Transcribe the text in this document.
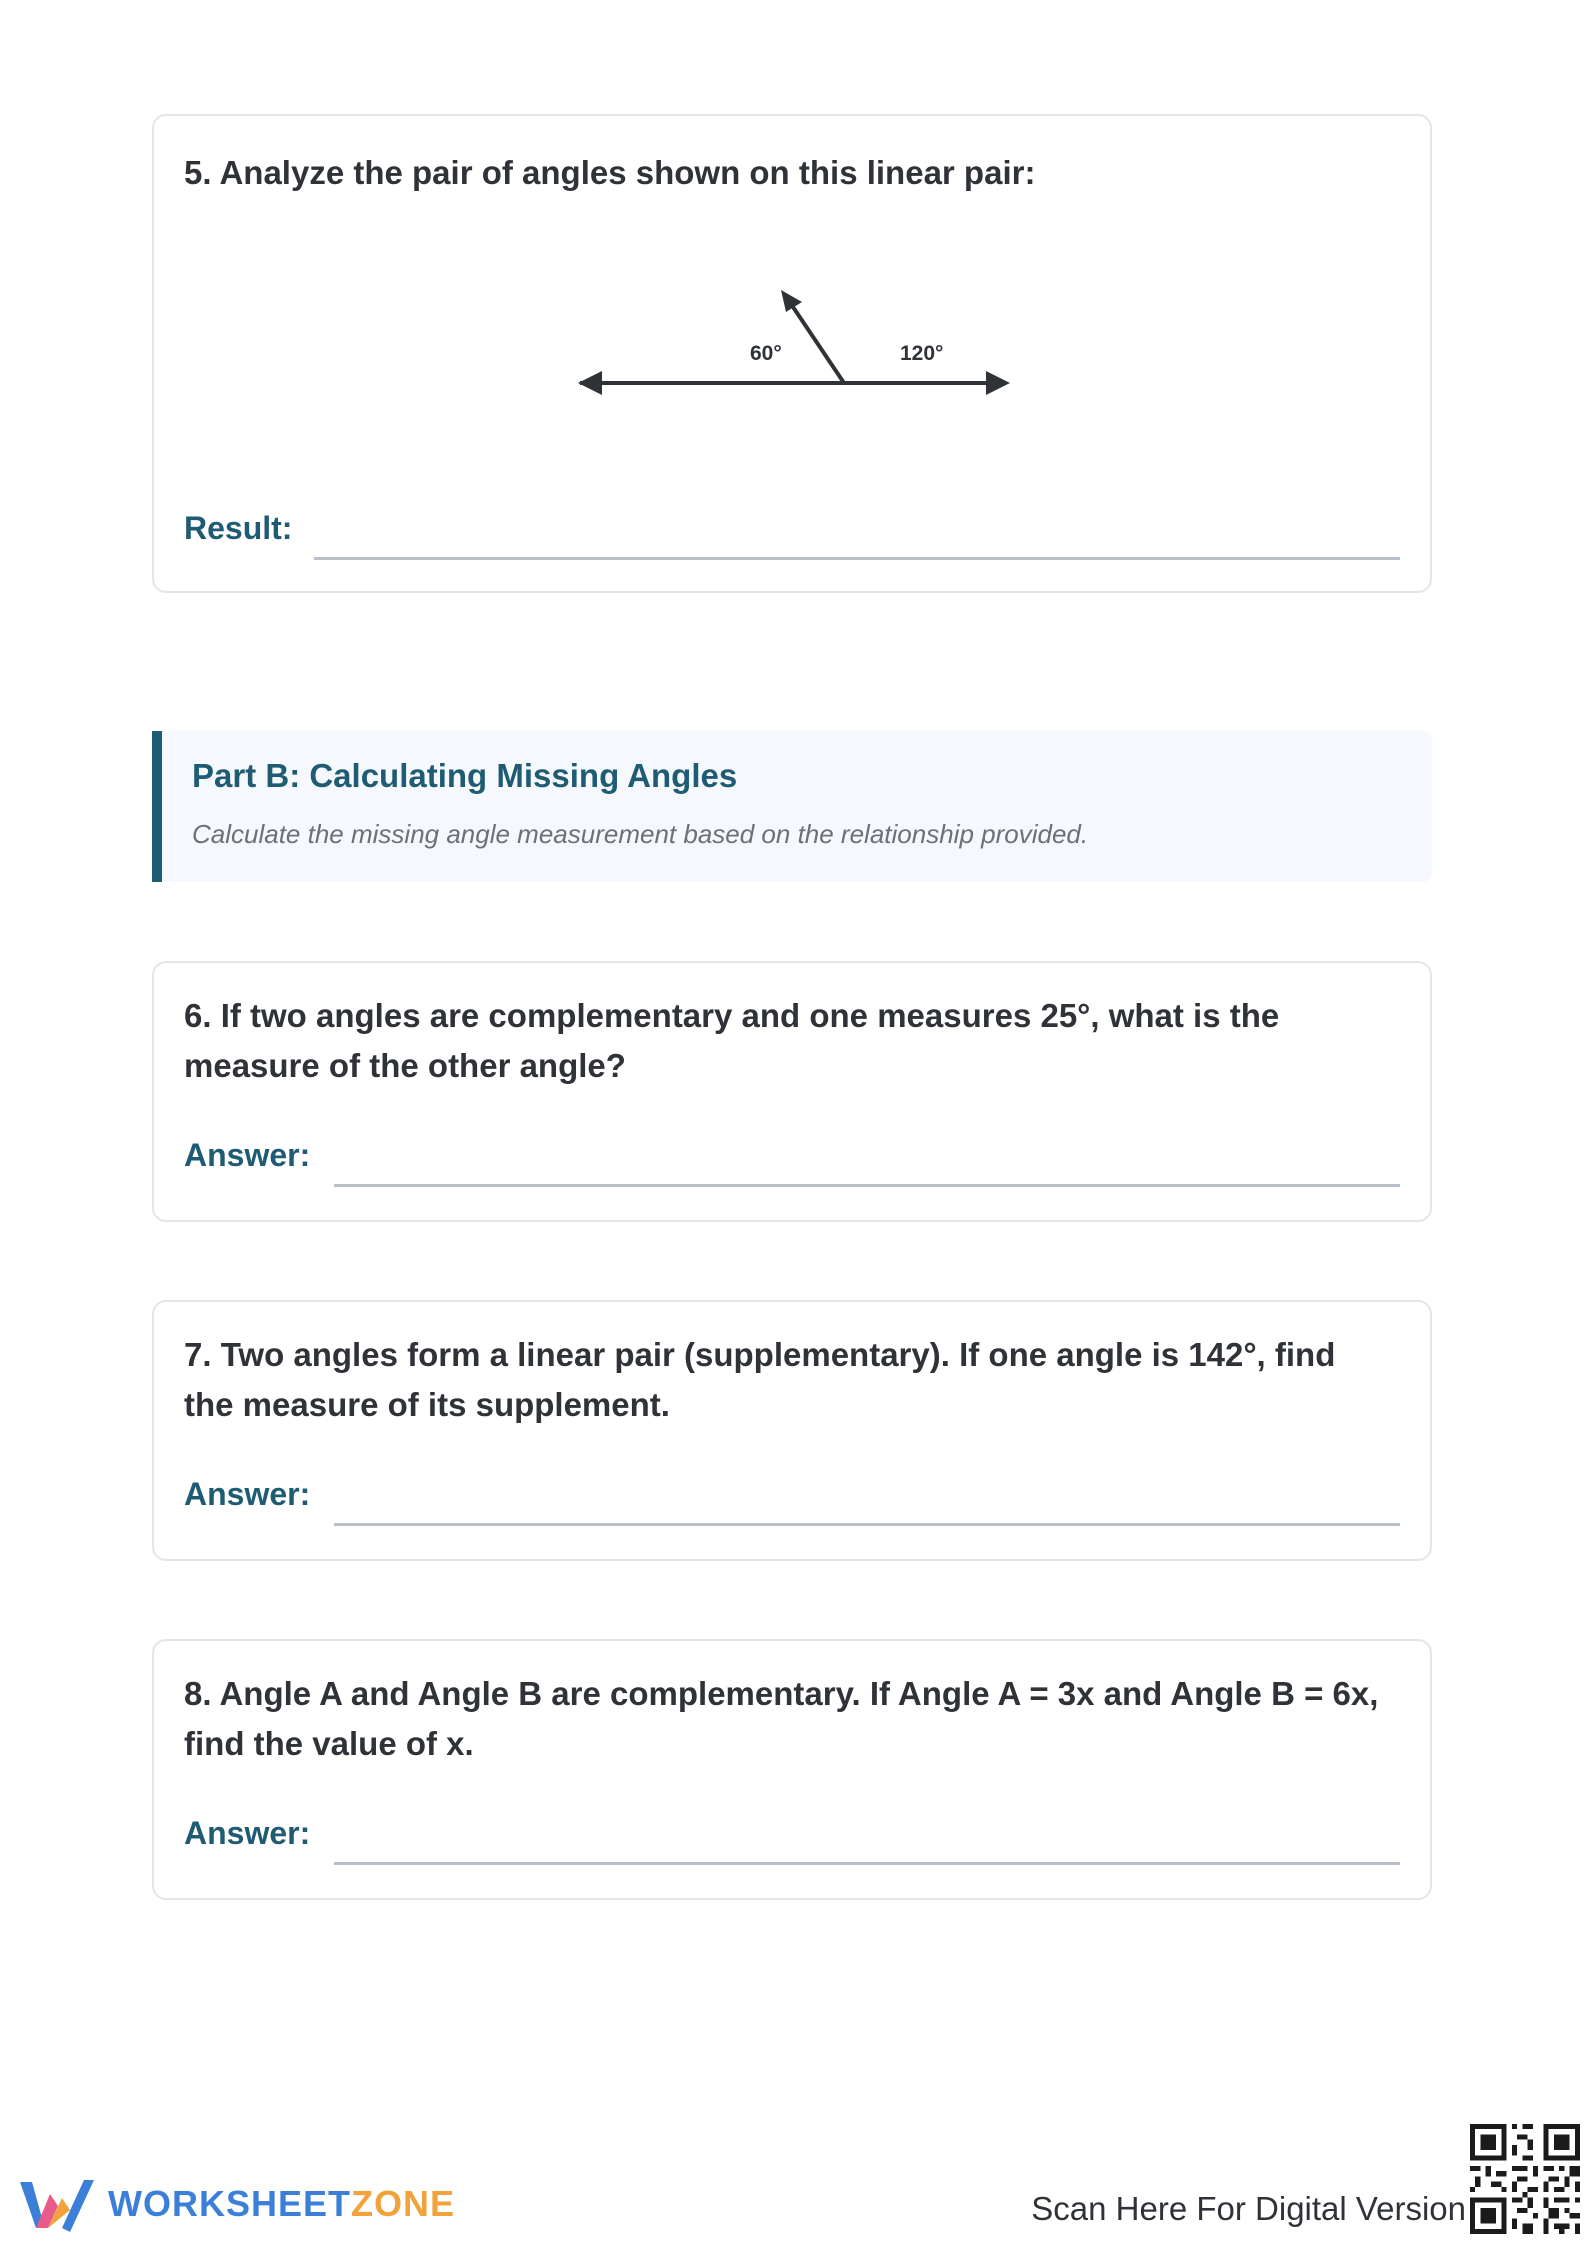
5. Analyze the pair of angles shown on this linear pair:
60°	120°
Result:
Part B: Calculating Missing Angles
Calculate the missing angle measurement based on the relationship provided.
6. If two angles are complementary and one measures 25°, what is the measure of the other angle?
Answer:
7. Two angles form a linear pair (supplementary). If one angle is 142°, find the measure of its supplement.
Answer:
8. Angle A and Angle B are complementary. If Angle A = 3x and Angle B = 6x, find the value of x.
Answer:
WORKSHEETZONE	Scan Here For Digital Version
